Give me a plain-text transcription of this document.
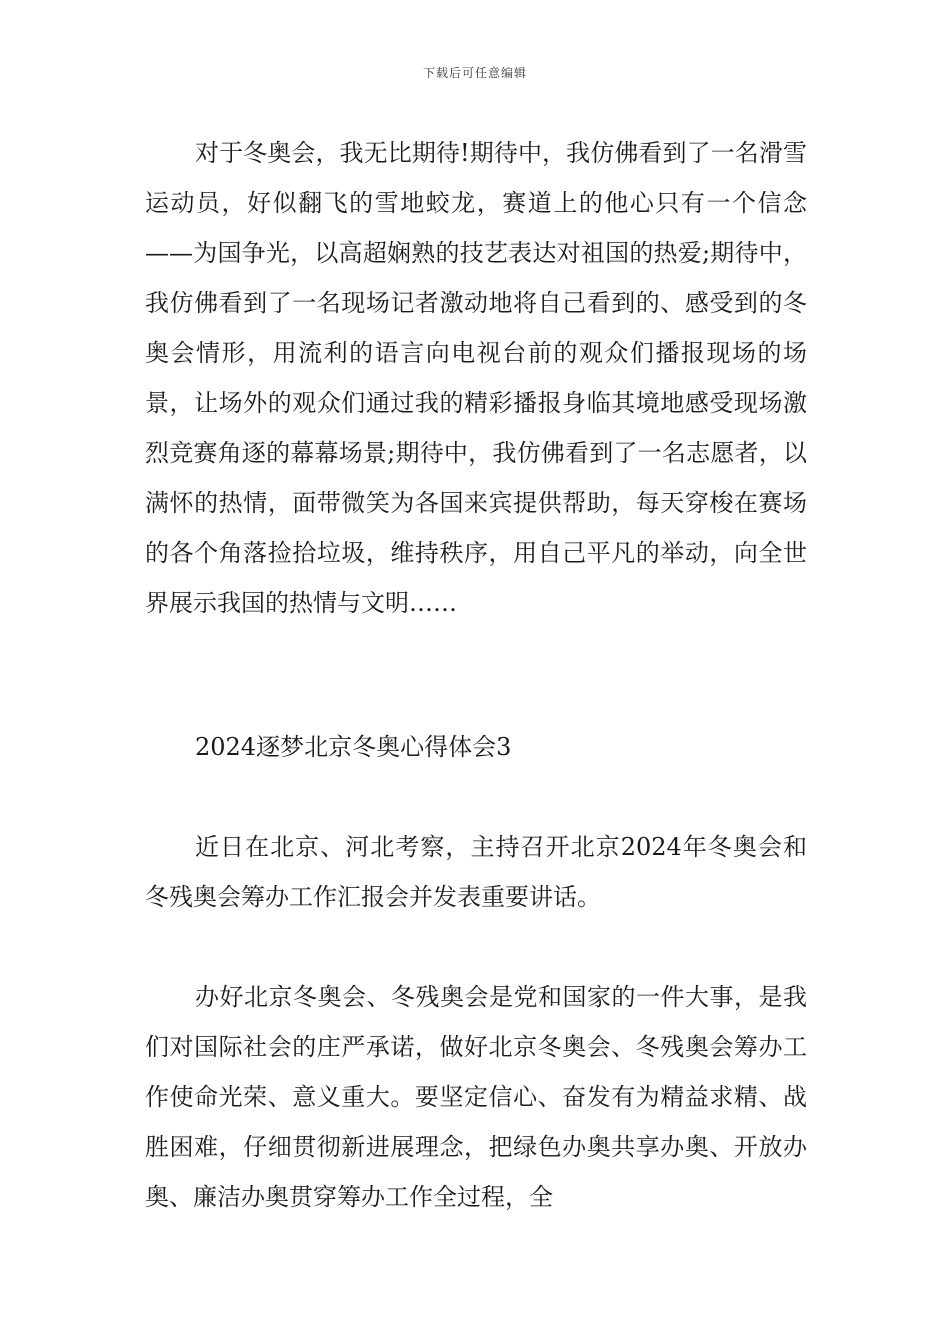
下载后可任意编辑

对于冬奥会，我无比期待!期待中，我仿佛看到了一名滑雪运动员，好似翻飞的雪地蛟龙，赛道上的他心只有一个信念——为国争光，以高超娴熟的技艺表达对祖国的热爱;期待中，我仿佛看到了一名现场记者激动地将自己看到的、感受到的冬奥会情形，用流利的语言向电视台前的观众们播报现场的场景，让场外的观众们通过我的精彩播报身临其境地感受现场激烈竞赛角逐的幕幕场景;期待中，我仿佛看到了一名志愿者，以满怀的热情，面带微笑为各国来宾提供帮助，每天穿梭在赛场的各个角落捡拾垃圾，维持秩序，用自己平凡的举动，向全世界展示我国的热情与文明……

2024逐梦北京冬奥心得体会3

近日在北京、河北考察，主持召开北京2024年冬奥会和冬残奥会筹办工作汇报会并发表重要讲话。

办好北京冬奥会、冬残奥会是党和国家的一件大事，是我们对国际社会的庄严承诺，做好北京冬奥会、冬残奥会筹办工作使命光荣、意义重大。要坚定信心、奋发有为精益求精、战胜困难，仔细贯彻新进展理念，把绿色办奥共享办奥、开放办奥、廉洁办奥贯穿筹办工作全过程，全
